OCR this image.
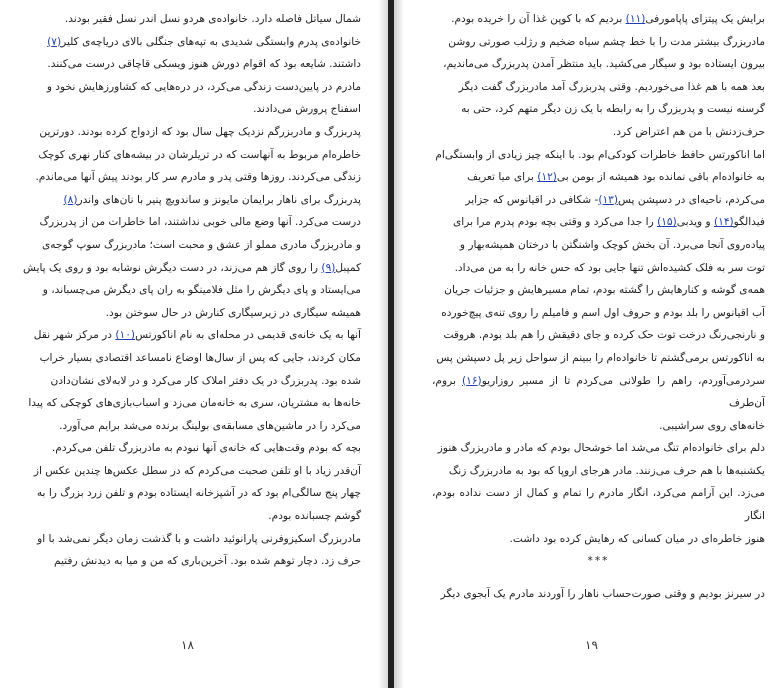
شمال سیاتل فاصله دارد. خانواده‌ی هردو نسل اندر نسل فقیر بودند.

خانواده‌ی پدرم وابستگی شدیدی به تپه‌های جنگلی بالای دریاچه‌ی کلیر(۷)

داشتند. شایعه بود که اقوام دورش هنوز ویسکی قاچاقی درست می‌کنند.

مادرم در پایین‌دست زندگی می‌کرد، در دره‌هایی که کشاورزهایش نخود و

اسفناج پرورش می‌دادند.

پدربزرگ و مادربزرگم نزدیک چهل سال بود که ازدواج کرده بودند. دورترین

خاطره‌ام مربوط به آنهاست که در تریلرشان در بیشه‌های کنار نهری کوچک

زندگی می‌کردند. روزها وقتی پدر و مادرم سر کار بودند پیش آنها می‌ماندم.

پدربزرگ برای ناهار برایمان مایونز و ساندویچ پنیر با نان‌های واندر(۸)

درست می‌کرد. آنها وضع مالی خوبی نداشتند، اما خاطرات من از پدربزرگ

و مادربزرگ مادری مملو از عشق و محبت است؛ مادربزرگ سوپ گوجه‌ی

کمپبل(۹) را روی گاز هم می‌زند، در دست دیگرش نوشابه بود و روی یک پایش

می‌ایستاد و پای دیگرش را مثل فلامینگو به ران پای دیگرش می‌چسباند، و

همیشه سیگاری در زیرسیگاری کنارش در حال سوختن بود.

آنها به یک خانه‌ی قدیمی در محله‌ای به نام اناکورتس(۱۰) در مرکز شهر نقل

مکان کردند، جایی که پس از سال‌ها اوضاع نامساعد اقتصادی بسیار خراب

شده بود. پدربزرگ در یک دفتر املاک کار می‌کرد و در لابه‌لای نشان‌دادن

خانه‌ها به مشتریان، سری به خانه‌مان می‌زد و اسباب‌بازی‌های کوچکی که پیدا

می‌کرد را در ماشین‌های مسابقه‌ی بولینگ برنده می‌شد برایم می‌آورد.

بچه که بودم وقت‌هایی که خانه‌ی آنها نبودم به مادربزرگ تلفن می‌کردم.

آن‌قدر زیاد با او تلفن صحبت می‌کردم که در سطل عکس‌ها چندین عکس از

چهار پنج سالگی‌ام بود که در آشپزخانه ایستاده بودم و تلفن زرد بزرگ را به

گوشم چسبانده بودم.

مادربزرگ اسکیزوفرنی پارانوئید داشت و با گذشت زمان دیگر نمی‌شد با او

حرف زد. دچار توهم شده بود. آخرین‌باری که من و میا به دیدنش رفتیم

۱۸

برایش یک پیتزای پاپامورفی(۱۱) بردیم که با کوپن غذا آن را خریده بودم.

مادربزرگ بیشتر مدت را با خط چشم سیاه ضخیم و رژلب صورتی روشن

بیرون ایستاده بود و سیگار می‌کشید. باید منتظر آمدن پدربزرگ می‌ماندیم،

بعد همه با هم غذا می‌خوردیم. وقتی پدربزرگ آمد مادربزرگ گفت دیگر

گرسنه نیست و پدربزرگ را به رابطه با یک زن دیگر متهم کرد، حتی به

حرف‌زدنش با من هم اعتراض کرد.

اما اناکورتس حافظ خاطرات کودکی‌ام بود. با اینکه چیز زیادی از وابستگی‌ام

به خانواده‌ام باقی نمانده بود همیشه از بومن بی(۱۲) برای میا تعریف

می‌کردم، ناحیه‌ای در دسپشن پس(۱۳)- شکافی در اقیانوس که جزایر

فیدالگو(۱۴) و ویدبی(۱۵) را جدا می‌کرد و وقتی بچه بودم پدرم مرا برای

پیاده‌روی آنجا می‌برد. آن بخش کوچک واشنگتن با درختان همیشه‌بهار و

توت سر به فلک کشیده‌اش تنها جایی بود که حس خانه را به من می‌داد.

همه‌ی گوشه و کنارهایش را گشته بودم، تمام مسیرهایش و جزئیات جریان

آب اقیانوس را بلد بودم و حروف اول اسم و فامیلم را روی تنه‌ی پیچ‌خورده

و نارنجی‌رنگ درخت توت حک کرده و جای دقیقش را هم بلد بودم. هروقت

به اناکورتس برمی‌گشتم تا خانواده‌ام را ببینم از سواحل زیر پل دسپشن پس

سردرمی‌آوردم، راهم را طولانی می‌کردم تا از مسیر روزاریو(۱۶) بروم، آن‌طرف

خانه‌های روی سراشیبی.

دلم برای خانواده‌ام تنگ می‌شد اما خوشحال بودم که مادر و مادربزرگ هنوز

یکشنبه‌ها با هم حرف می‌زنند. مادر هرجای اروپا که بود به مادربزرگ زنگ

می‌زد. این آرامم می‌کرد، انگار مادرم را تمام و کمال از دست نداده بودم، انگار

هنوز خاطره‌ای در میان کسانی که رهایش کرده بود داشت.

***

در سیرنز بودیم و وقتی صورت‌حساب ناهار را آوردند مادرم یک آبجوی دیگر
۱۹
